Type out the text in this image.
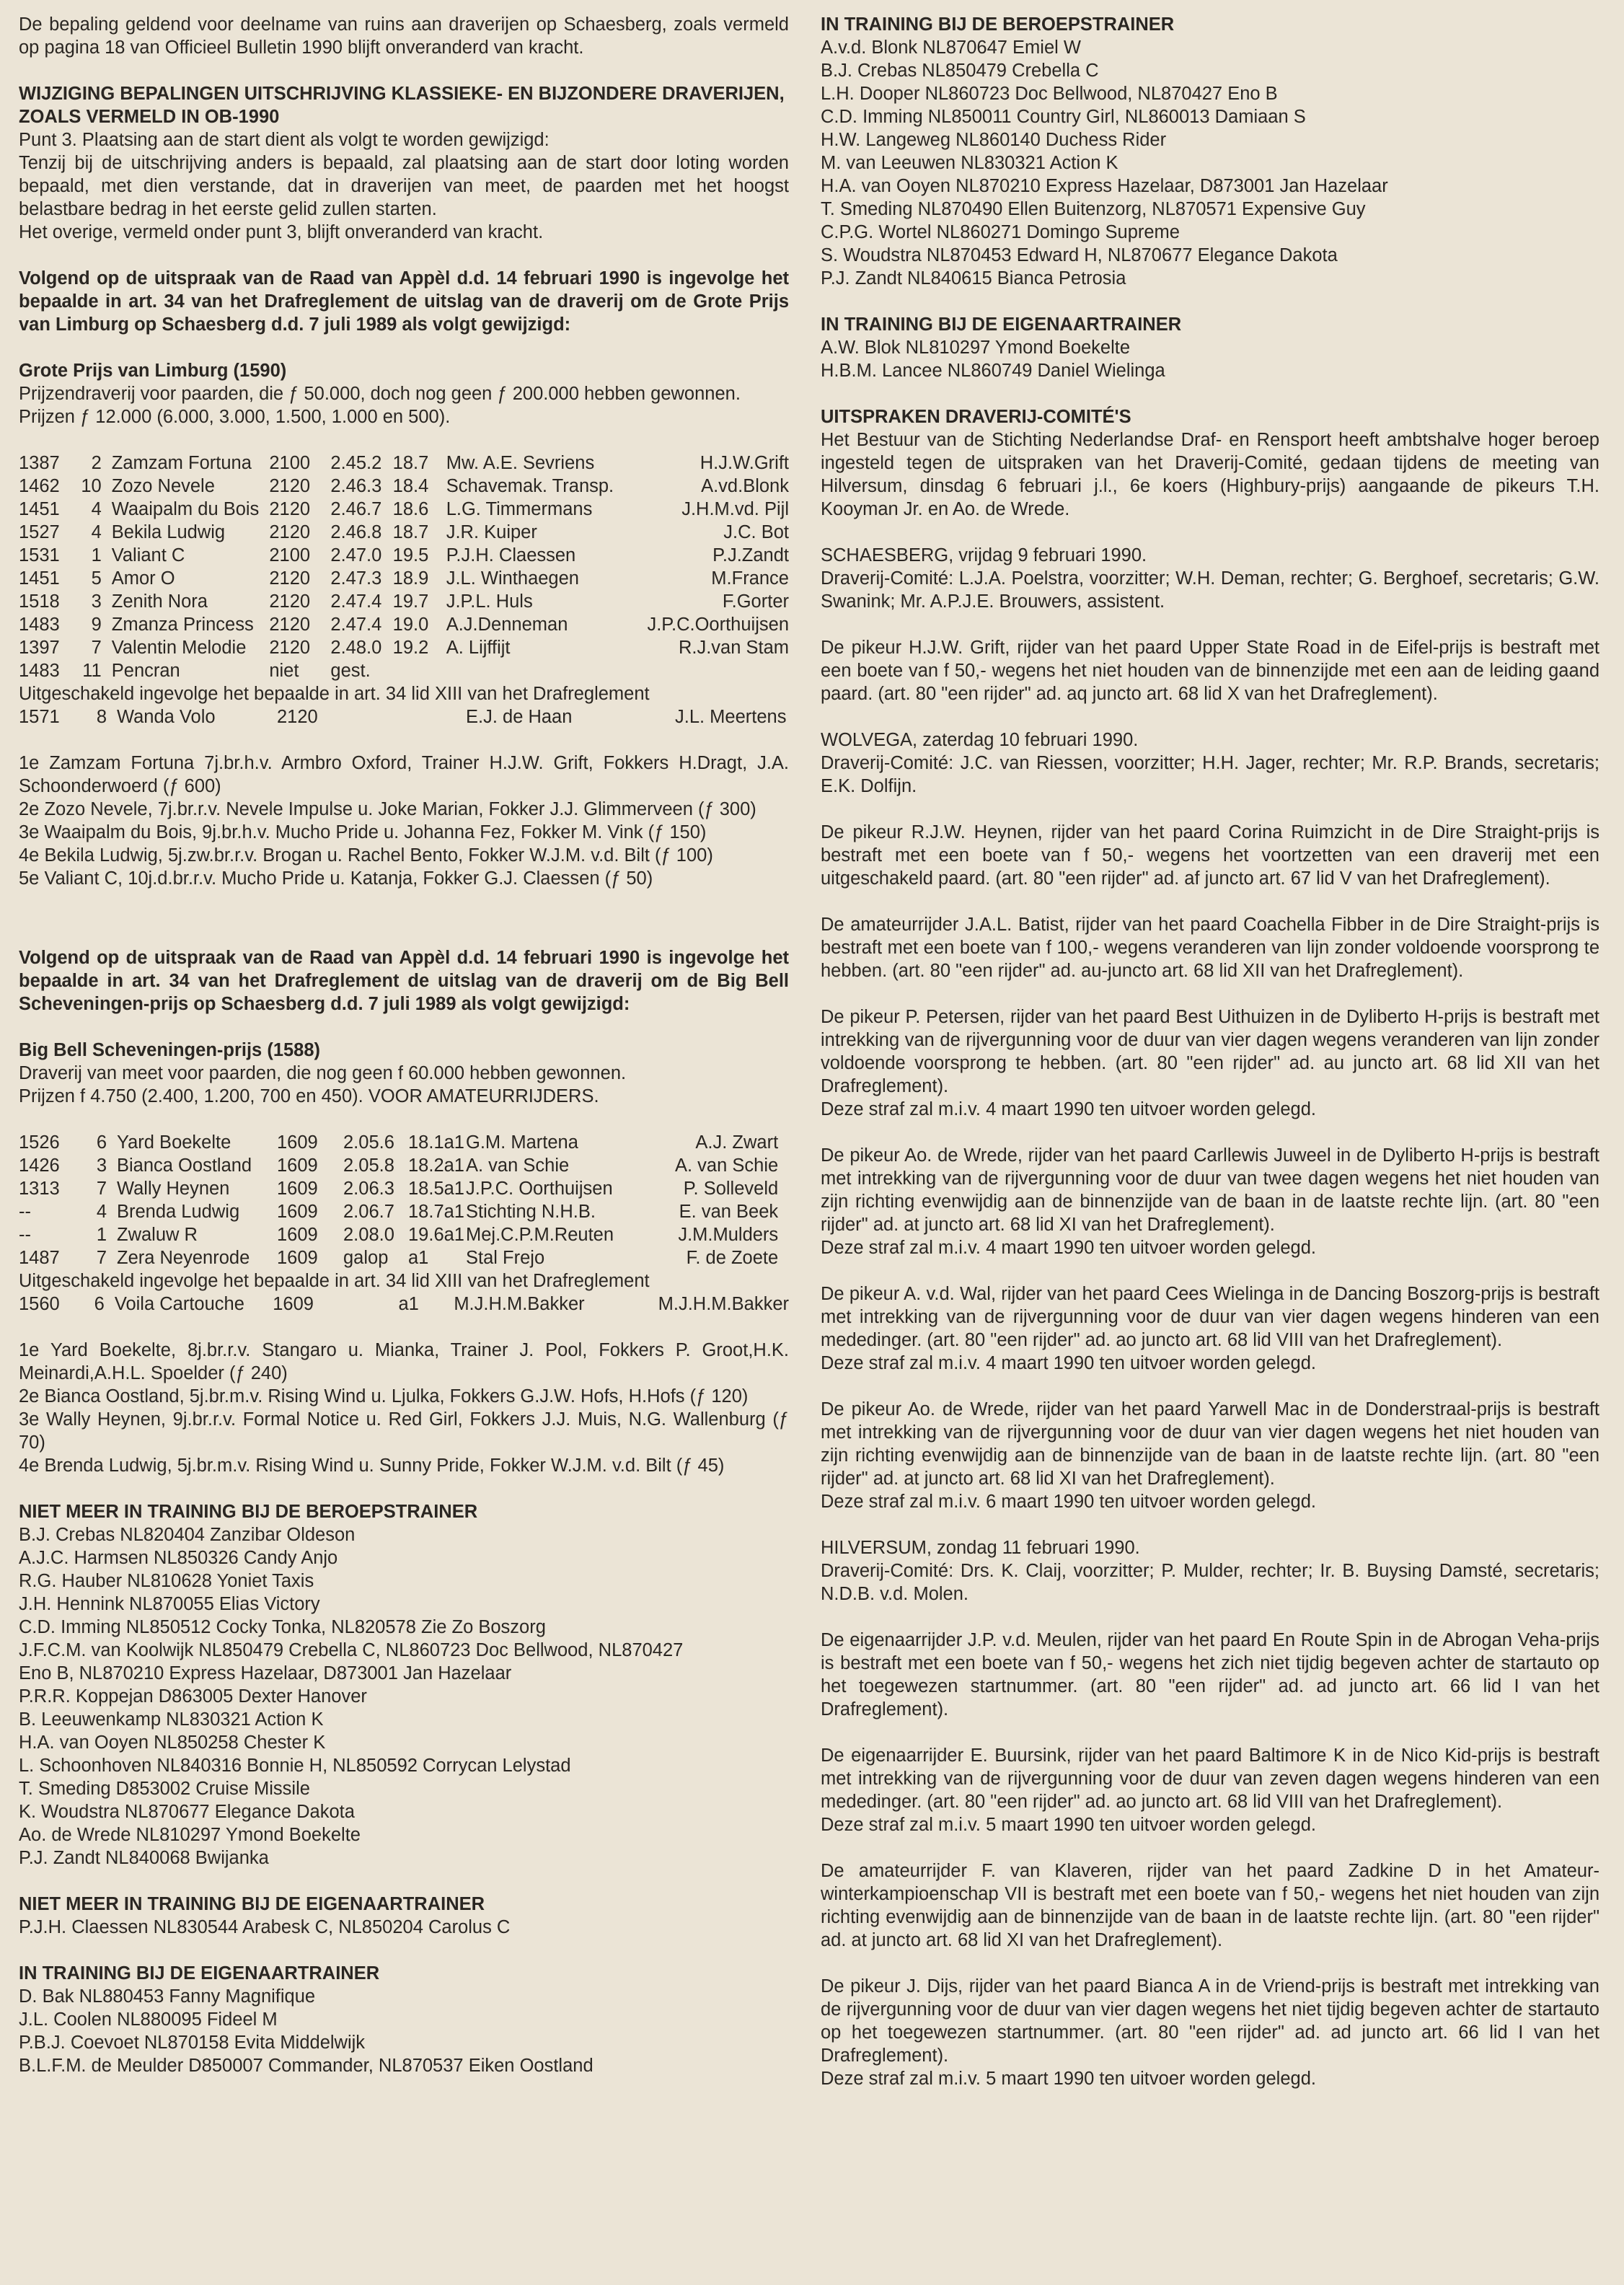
De bepaling geldend voor deelname van ruins aan draverijen op Schaesberg, zoals vermeld op pagina 18 van Officieel Bulletin 1990 blijft onveranderd van kracht.
WIJZIGING BEPALINGEN UITSCHRIJVING KLASSIEKE- EN BIJZONDERE DRAVERIJEN, ZOALS VERMELD IN OB-1990
Punt 3. Plaatsing aan de start dient als volgt te worden gewijzigd:
Tenzij bij de uitschrijving anders is bepaald, zal plaatsing aan de start door loting worden bepaald, met dien verstande, dat in draverijen van meet, de paarden met het hoogst belastbare bedrag in het eerste gelid zullen starten.
Het overige, vermeld onder punt 3, blijft onveranderd van kracht.
Volgend op de uitspraak van de Raad van Appèl d.d. 14 februari 1990 is ingevolge het bepaalde in art. 34 van het Drafreglement de uitslag van de draverij om de Grote Prijs van Limburg op Schaesberg d.d. 7 juli 1989 als volgt gewijzigd:
Grote Prijs van Limburg (1590)
Prijzendraverij voor paarden, die ƒ 50.000, doch nog geen ƒ 200.000 hebben gewonnen.
Prijzen ƒ 12.000 (6.000, 3.000, 1.500, 1.000 en 500).
1387	2	Zamzam Fortuna	2100	2.45.2	18.7	Mw. A.E. Sevriens	H.J.W.Grift
1462	10	Zozo Nevele	2120	2.46.3	18.4	Schavemak. Transp.	A.vd.Blonk
1451	4	Waaipalm du Bois	2120	2.46.7	18.6	L.G. Timmermans	J.H.M.vd. Pijl
1527	4	Bekila Ludwig	2120	2.46.8	18.7	J.R. Kuiper	J.C. Bot
1531	1	Valiant C	2100	2.47.0	19.5	P.J.H. Claessen	P.J.Zandt
1451	5	Amor O	2120	2.47.3	18.9	J.L. Winthaegen	M.France
1518	3	Zenith Nora	2120	2.47.4	19.7	J.P.L. Huls	F.Gorter
1483	9	Zmanza Princess	2120	2.47.4	19.0	A.J.Denneman	J.P.C.Oorthuijsen
1397	7	Valentin Melodie	2120	2.48.0	19.2	A. Lijffijt	R.J.van Stam
1483	11	Pencran	niet	gest.			
Uitgeschakeld ingevolge het bepaalde in art. 34 lid XIII van het Drafreglement
1571	8	Wanda Volo	2120			E.J. de Haan	J.L. Meertens
1e Zamzam Fortuna 7j.br.h.v. Armbro Oxford, Trainer H.J.W. Grift, Fokkers H.Dragt, J.A. Schoonderwoerd (ƒ 600)
2e Zozo Nevele, 7j.br.r.v. Nevele Impulse u. Joke Marian, Fokker J.J. Glimmerveen (ƒ 300)
3e Waaipalm du Bois, 9j.br.h.v. Mucho Pride u. Johanna Fez, Fokker M. Vink (ƒ 150)
4e Bekila Ludwig, 5j.zw.br.r.v. Brogan u. Rachel Bento, Fokker W.J.M. v.d. Bilt (ƒ 100)
5e Valiant C, 10j.d.br.r.v. Mucho Pride u. Katanja, Fokker G.J. Claessen (ƒ 50)
Volgend op de uitspraak van de Raad van Appèl d.d. 14 februari 1990 is ingevolge het bepaalde in art. 34 van het Drafreglement de uitslag van de draverij om de Big Bell Scheveningen-prijs op Schaesberg d.d. 7 juli 1989 als volgt gewijzigd:
Big Bell Scheveningen-prijs (1588)
Draverij van meet voor paarden, die nog geen f 60.000 hebben gewonnen.
Prijzen f 4.750 (2.400, 1.200, 700 en 450). VOOR AMATEURRIJDERS.
1526	6	Yard Boekelte	1609	2.05.6	18.1a1	G.M. Martena	A.J. Zwart
1426	3	Bianca Oostland	1609	2.05.8	18.2a1	A. van Schie	A. van Schie
1313	7	Wally Heynen	1609	2.06.3	18.5a1	J.P.C. Oorthuijsen	P. Solleveld
--	4	Brenda Ludwig	1609	2.06.7	18.7a1	Stichting N.H.B.	E. van Beek
--	1	Zwaluw R	1609	2.08.0	19.6a1	Mej.C.P.M.Reuten	J.M.Mulders
1487	7	Zera Neyenrode	1609	galop	a1	Stal Frejo	F. de Zoete
Uitgeschakeld ingevolge het bepaalde in art. 34 lid XIII van het Drafreglement
1560	6	Voila Cartouche	1609		a1	M.J.H.M.Bakker	M.J.H.M.Bakker
1e Yard Boekelte, 8j.br.r.v. Stangaro u. Mianka, Trainer J. Pool, Fokkers P. Groot,H.K. Meinardi,A.H.L. Spoelder (ƒ 240)
2e Bianca Oostland, 5j.br.m.v. Rising Wind u. Ljulka, Fokkers G.J.W. Hofs, H.Hofs (ƒ 120)
3e Wally Heynen, 9j.br.r.v. Formal Notice u. Red Girl, Fokkers J.J. Muis, N.G. Wallenburg (ƒ 70)
4e Brenda Ludwig, 5j.br.m.v. Rising Wind u. Sunny Pride, Fokker W.J.M. v.d. Bilt (ƒ 45)
NIET MEER IN TRAINING BIJ DE BEROEPSTRAINER
B.J. Crebas NL820404 Zanzibar Oldeson
A.J.C. Harmsen NL850326 Candy Anjo
R.G. Hauber NL810628 Yoniet Taxis
J.H. Hennink NL870055 Elias Victory
C.D. Imming NL850512 Cocky Tonka, NL820578 Zie Zo Boszorg
J.F.C.M. van Koolwijk NL850479 Crebella C, NL860723 Doc Bellwood, NL870427
Eno B, NL870210 Express Hazelaar, D873001 Jan Hazelaar
P.R.R. Koppejan D863005 Dexter Hanover
B. Leeuwenkamp NL830321 Action K
H.A. van Ooyen NL850258 Chester K
L. Schoonhoven NL840316 Bonnie H, NL850592 Corrycan Lelystad
T. Smeding D853002 Cruise Missile
K. Woudstra NL870677 Elegance Dakota
Ao. de Wrede NL810297 Ymond Boekelte
P.J. Zandt NL840068 Bwijanka
NIET MEER IN TRAINING BIJ DE EIGENAARTRAINER
P.J.H. Claessen NL830544 Arabesk C, NL850204 Carolus C
IN TRAINING BIJ DE EIGENAARTRAINER
D. Bak NL880453 Fanny Magnifique
J.L. Coolen NL880095 Fideel M
P.B.J. Coevoet NL870158 Evita Middelwijk
B.L.F.M. de Meulder D850007 Commander, NL870537 Eiken Oostland
IN TRAINING BIJ DE BEROEPSTRAINER
A.v.d. Blonk NL870647 Emiel W
B.J. Crebas NL850479 Crebella C
L.H. Dooper NL860723 Doc Bellwood, NL870427 Eno B
C.D. Imming NL850011 Country Girl, NL860013 Damiaan S
H.W. Langeweg NL860140 Duchess Rider
M. van Leeuwen NL830321 Action K
H.A. van Ooyen NL870210 Express Hazelaar, D873001 Jan Hazelaar
T. Smeding NL870490 Ellen Buitenzorg, NL870571 Expensive Guy
C.P.G. Wortel NL860271 Domingo Supreme
S. Woudstra NL870453 Edward H, NL870677 Elegance Dakota
P.J. Zandt NL840615 Bianca Petrosia
IN TRAINING BIJ DE EIGENAARTRAINER
A.W. Blok NL810297 Ymond Boekelte
H.B.M. Lancee NL860749 Daniel Wielinga
UITSPRAKEN DRAVERIJ-COMITÉ'S
Het Bestuur van de Stichting Nederlandse Draf- en Rensport heeft ambtshalve hoger beroep ingesteld tegen de uitspraken van het Draverij-Comité, gedaan tijdens de meeting van Hilversum, dinsdag 6 februari j.l., 6e koers (Highbury-prijs) aangaande de pikeurs T.H. Kooyman Jr. en Ao. de Wrede.
SCHAESBERG, vrijdag 9 februari 1990.
Draverij-Comité: L.J.A. Poelstra, voorzitter; W.H. Deman, rechter; G. Berghoef, secretaris; G.W. Swanink; Mr. A.P.J.E. Brouwers, assistent.
De pikeur H.J.W. Grift, rijder van het paard Upper State Road in de Eifel-prijs is bestraft met een boete van f 50,- wegens het niet houden van de binnenzijde met een aan de leiding gaand paard. (art. 80 "een rijder" ad. aq juncto art. 68 lid X van het Drafreglement).
WOLVEGA, zaterdag 10 februari 1990.
Draverij-Comité: J.C. van Riessen, voorzitter; H.H. Jager, rechter; Mr. R.P. Brands, secretaris; E.K. Dolfijn.
De pikeur R.J.W. Heynen, rijder van het paard Corina Ruimzicht in de Dire Straight-prijs is bestraft met een boete van f 50,- wegens het voortzetten van een draverij met een uitgeschakeld paard. (art. 80 "een rijder" ad. af juncto art. 67 lid V van het Drafreglement).
De amateurrijder J.A.L. Batist, rijder van het paard Coachella Fibber in de Dire Straight-prijs is bestraft met een boete van f 100,- wegens veranderen van lijn zonder voldoende voorsprong te hebben. (art. 80 "een rijder" ad. au-juncto art. 68 lid XII van het Drafreglement).
De pikeur P. Petersen, rijder van het paard Best Uithuizen in de Dyliberto H-prijs is bestraft met intrekking van de rijvergunning voor de duur van vier dagen wegens veranderen van lijn zonder voldoende voorsprong te hebben. (art. 80 "een rijder" ad. au juncto art. 68 lid XII van het Drafreglement).
Deze straf zal m.i.v. 4 maart 1990 ten uitvoer worden gelegd.
De pikeur Ao. de Wrede, rijder van het paard Carllewis Juweel in de Dyliberto H-prijs is bestraft met intrekking van de rijvergunning voor de duur van twee dagen wegens het niet houden van zijn richting evenwijdig aan de binnenzijde van de baan in de laatste rechte lijn. (art. 80 "een rijder" ad. at juncto art. 68 lid XI van het Drafreglement).
Deze straf zal m.i.v. 4 maart 1990 ten uitvoer worden gelegd.
De pikeur A. v.d. Wal, rijder van het paard Cees Wielinga in de Dancing Boszorg-prijs is bestraft met intrekking van de rijvergunning voor de duur van vier dagen wegens hinderen van een mededinger. (art. 80 "een rijder" ad. ao juncto art. 68 lid VIII van het Drafreglement).
Deze straf zal m.i.v. 4 maart 1990 ten uitvoer worden gelegd.
De pikeur Ao. de Wrede, rijder van het paard Yarwell Mac in de Donderstraal-prijs is bestraft met intrekking van de rijvergunning voor de duur van vier dagen wegens het niet houden van zijn richting evenwijdig aan de binnenzijde van de baan in de laatste rechte lijn. (art. 80 "een rijder" ad. at juncto art. 68 lid XI van het Drafreglement).
Deze straf zal m.i.v. 6 maart 1990 ten uitvoer worden gelegd.
HILVERSUM, zondag 11 februari 1990.
Draverij-Comité: Drs. K. Claij, voorzitter; P. Mulder, rechter; Ir. B. Buysing Damsté, secretaris; N.D.B. v.d. Molen.
De eigenaarrijder J.P. v.d. Meulen, rijder van het paard En Route Spin in de Abrogan Veha-prijs is bestraft met een boete van f 50,- wegens het zich niet tijdig begeven achter de startauto op het toegewezen startnummer. (art. 80 "een rijder" ad. ad juncto art. 66 lid I van het Drafreglement).
De eigenaarrijder E. Buursink, rijder van het paard Baltimore K in de Nico Kid-prijs is bestraft met intrekking van de rijvergunning voor de duur van zeven dagen wegens hinderen van een mededinger. (art. 80 "een rijder" ad. ao juncto art. 68 lid VIII van het Drafreglement).
Deze straf zal m.i.v. 5 maart 1990 ten uitvoer worden gelegd.
De amateurrijder F. van Klaveren, rijder van het paard Zadkine D in het Amateur-winterkampioenschap VII is bestraft met een boete van f 50,- wegens het niet houden van zijn richting evenwijdig aan de binnenzijde van de baan in de laatste rechte lijn. (art. 80 "een rijder" ad. at juncto art. 68 lid XI van het Drafreglement).
De pikeur J. Dijs, rijder van het paard Bianca A in de Vriend-prijs is bestraft met intrekking van de rijvergunning voor de duur van vier dagen wegens het niet tijdig begeven achter de startauto op het toegewezen startnummer. (art. 80 "een rijder" ad. ad juncto art. 66 lid I van het Drafreglement).
Deze straf zal m.i.v. 5 maart 1990 ten uitvoer worden gelegd.
